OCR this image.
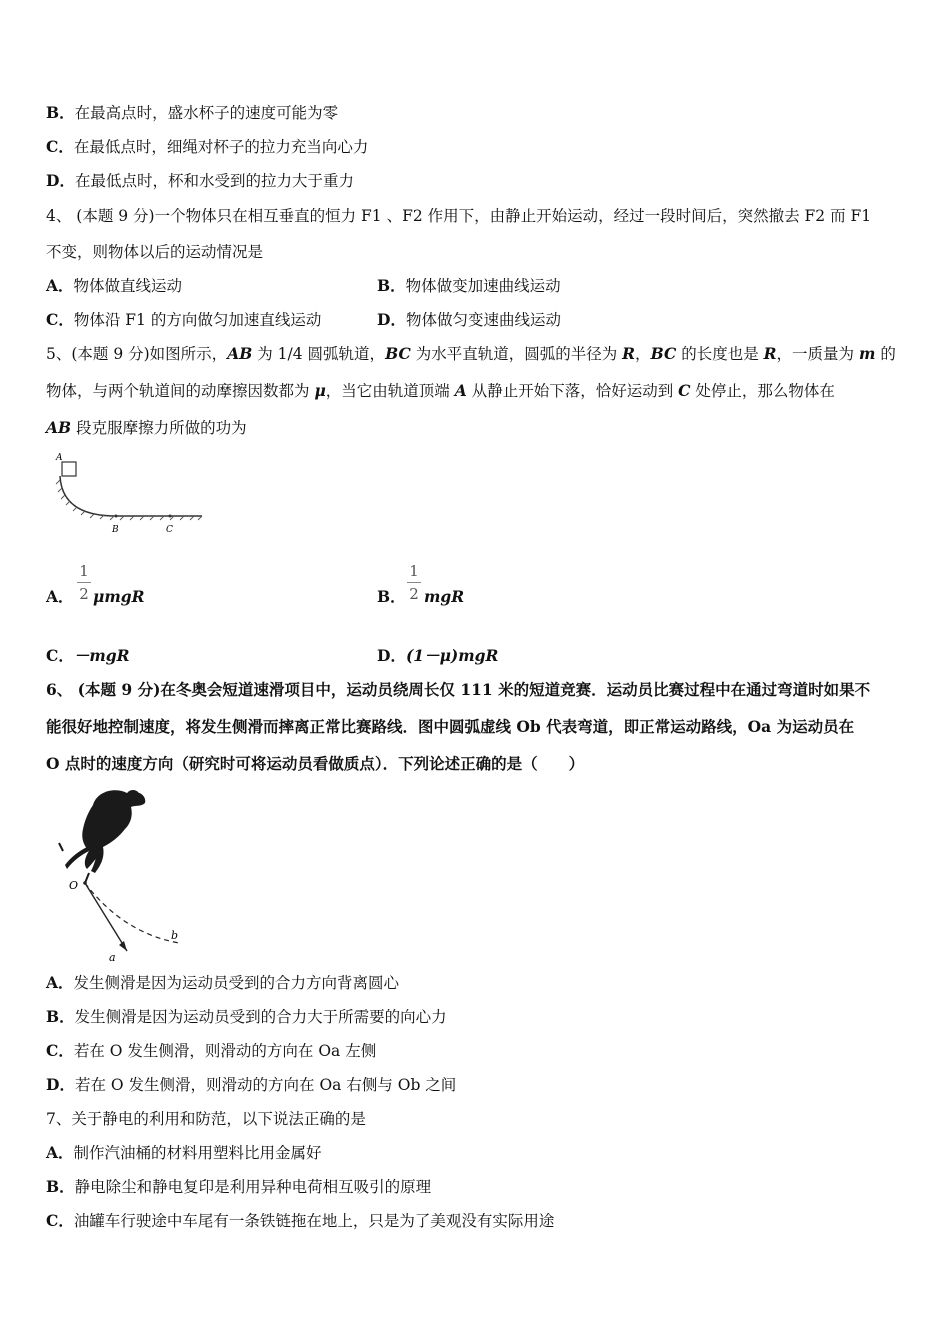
B．在最高点时，盛水杯子的速度可能为零
C．在最低点时，细绳对杯子的拉力充当向心力
D．在最低点时，杯和水受到的拉力大于重力
4、 (本题 9 分)一个物体只在相互垂直的恒力 F1 、F2 作用下，由静止开始运动，经过一段时间后，突然撤去 F2 而 F1
不变，则物体以后的运动情况是
A．物体做直线运动	B．物体做变加速曲线运动
C．物体沿 F1 的方向做匀加速直线运动	D．物体做匀变速曲线运动
5、(本题 9 分)如图所示，AB 为 1/4 圆弧轨道，BC 为水平直轨道，圆弧的半径为 R，BC 的长度也是 R，一质量为 m 的
物体，与两个轨道间的动摩擦因数都为 μ，当它由轨道顶端 A 从静止开始下落，恰好运动到 C 处停止，那么物体在
AB 段克服摩擦力所做的功为
A
B	C
A．
1
2 μmgR	B．
1
2 mgR
C．－mgR	D．(1－μ)mgR
6、 (本题 9 分)在冬奥会短道速滑项目中，运动员绕周长仅 111 米的短道竞赛．运动员比赛过程中在通过弯道时如果不
能很好地控制速度，将发生侧滑而摔离正常比赛路线．图中圆弧虚线 Ob 代表弯道，即正常运动路线，Oa 为运动员在
O 点时的速度方向（研究时可将运动员看做质点）．下列论述正确的是（　　）
O
a
b
A．发生侧滑是因为运动员受到的合力方向背离圆心
B．发生侧滑是因为运动员受到的合力大于所需要的向心力
C．若在 O 发生侧滑，则滑动的方向在 Oa 左侧
D．若在 O 发生侧滑，则滑动的方向在 Oa 右侧与 Ob 之间
7、关于静电的利用和防范，以下说法正确的是
A．制作汽油桶的材料用塑料比用金属好
B．静电除尘和静电复印是利用异种电荷相互吸引的原理
C．油罐车行驶途中车尾有一条铁链拖在地上，只是为了美观没有实际用途
